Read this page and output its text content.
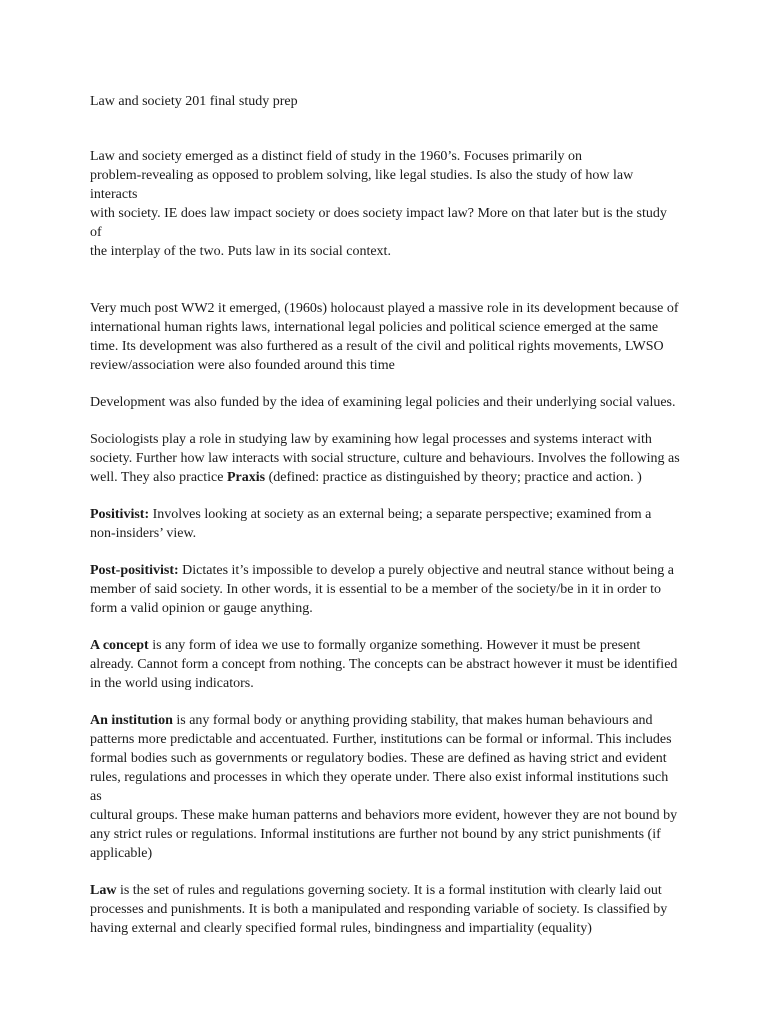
Law and society 201 final study prep

Law and society emerged as a distinct field of study in the 1960’s. Focuses primarily on
problem-revealing as opposed to problem solving, like legal studies. Is also the study of how law interacts
with society. IE does law impact society or does society impact law? More on that later but is the study of
the interplay of the two. Puts law in its social context.

Very much post WW2 it emerged, (1960s) holocaust played a massive role in its development because of
international human rights laws, international legal policies and political science emerged at the same
time. Its development was also furthered as a result of the civil and political rights movements, LWSO
review/association were also founded around this time

Development was also funded by the idea of examining legal policies and their underlying social values.

Sociologists play a role in studying law by examining how legal processes and systems interact with
society. Further how law interacts with social structure, culture and behaviours. Involves the following as
well. They also practice Praxis (defined: practice as distinguished by theory; practice and action. )

Positivist: Involves looking at society as an external being; a separate perspective; examined from a
non-insiders’ view.

Post-positivist: Dictates it’s impossible to develop a purely objective and neutral stance without being a
member of said society. In other words, it is essential to be a member of the society/be in it in order to
form a valid opinion or gauge anything.

A concept is any form of idea we use to formally organize something. However it must be present
already. Cannot form a concept from nothing. The concepts can be abstract however it must be identified
in the world using indicators.

An institution is any formal body or anything providing stability, that makes human behaviours and
patterns more predictable and accentuated. Further, institutions can be formal or informal. This includes
formal bodies such as governments or regulatory bodies. These are defined as having strict and evident
rules, regulations and processes in which they operate under. There also exist informal institutions such as
cultural groups. These make human patterns and behaviors more evident, however they are not bound by
any strict rules or regulations. Informal institutions are further not bound by any strict punishments (if
applicable)

Law is the set of rules and regulations governing society. It is a formal institution with clearly laid out
processes and punishments. It is both a manipulated and responding variable of society. Is classified by
having external and clearly specified formal rules, bindingness and impartiality (equality)
